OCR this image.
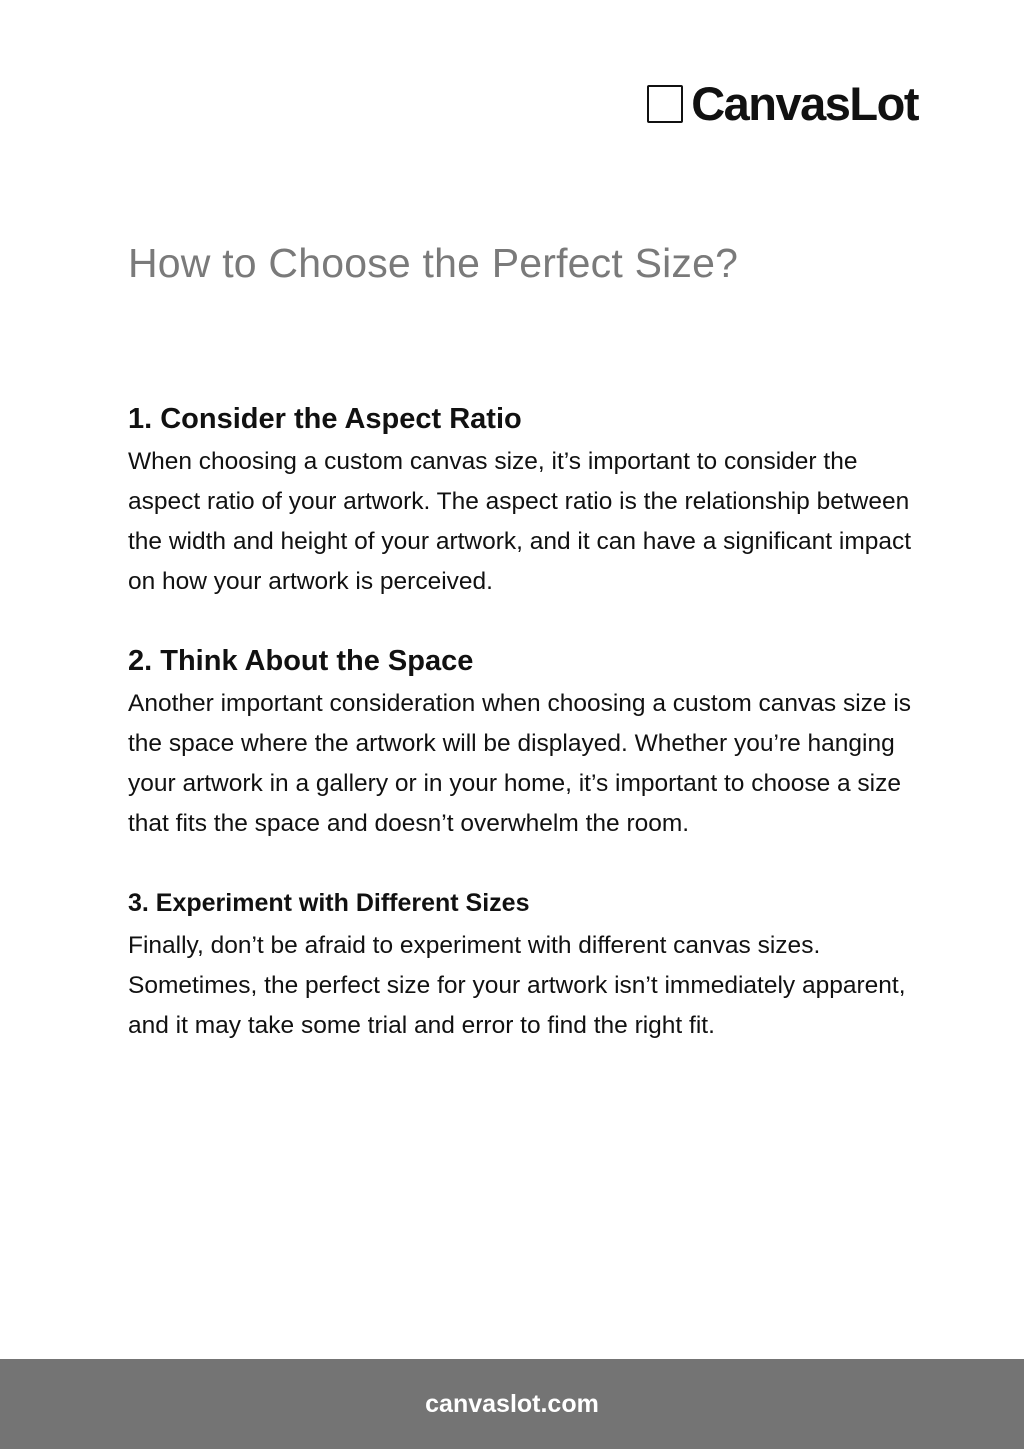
CanvasLot
How to Choose the Perfect Size?
1. Consider the Aspect Ratio

When choosing a custom canvas size, it’s important to consider the aspect ratio of your artwork. The aspect ratio is the relationship between the width and height of your artwork, and it can have a significant impact on how your artwork is perceived.

2. Think About the Space

Another important consideration when choosing a custom canvas size is the space where the artwork will be displayed. Whether you’re hanging your artwork in a gallery or in your home, it’s important to choose a size that fits the space and doesn’t overwhelm the room.

3. Experiment with Different Sizes

Finally, don’t be afraid to experiment with different canvas sizes. Sometimes, the perfect size for your artwork isn’t immediately apparent, and it may take some trial and error to find the right fit.

canvaslot.com
